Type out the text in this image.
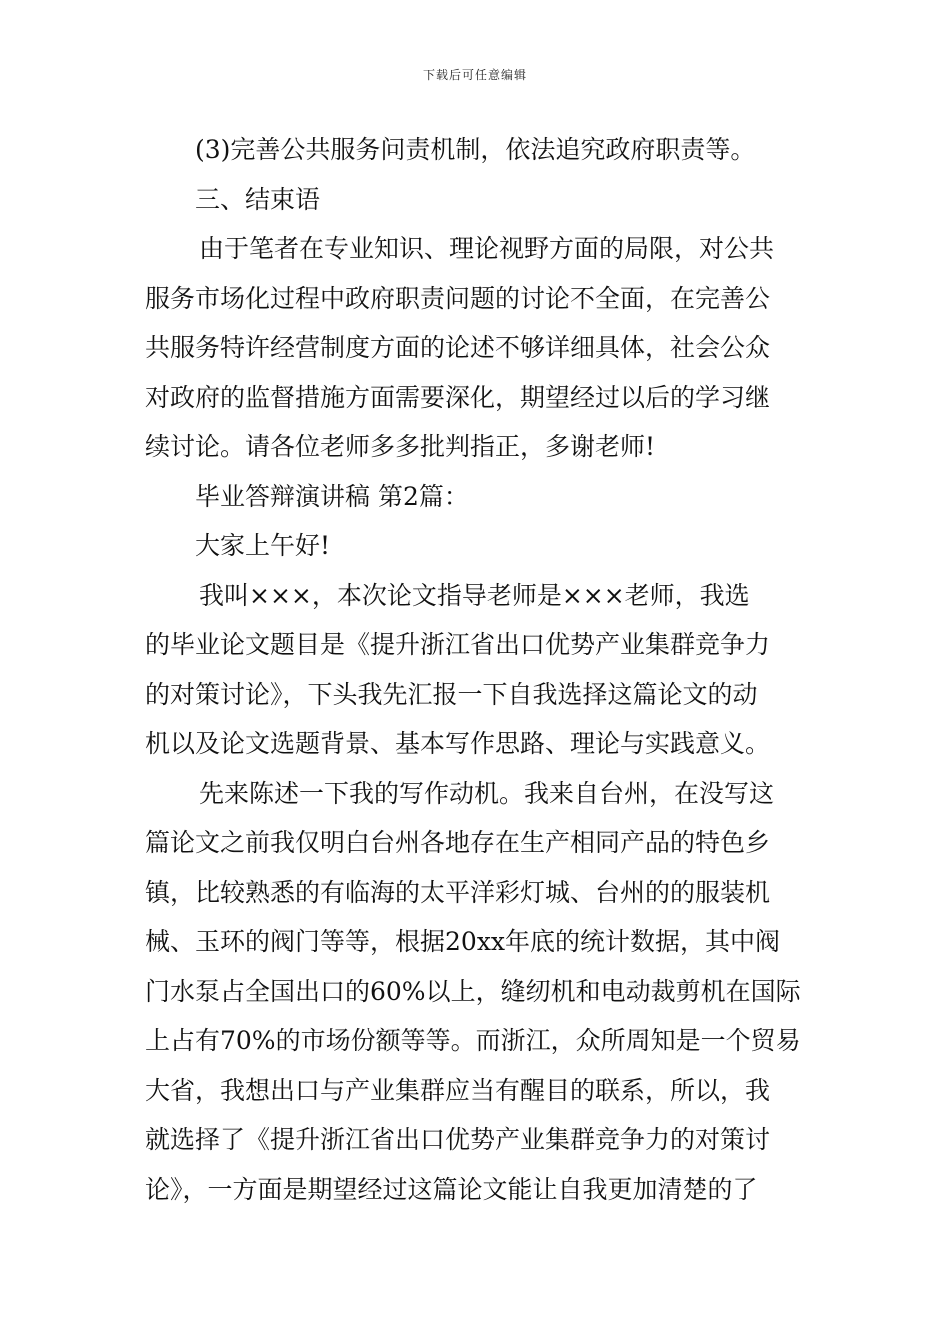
下载后可任意编辑

(3)完善公共服务问责机制，依法追究政府职责等。

三、结束语

由于笔者在专业知识、理论视野方面的局限，对公共

服务市场化过程中政府职责问题的讨论不全面，在完善公

共服务特许经营制度方面的论述不够详细具体，社会公众

对政府的监督措施方面需要深化，期望经过以后的学习继

续讨论。请各位老师多多批判指正，多谢老师!

毕业答辩演讲稿 第2篇：

大家上午好!

我叫×××，本次论文指导老师是×××老师，我选

的毕业论文题目是《提升浙江省出口优势产业集群竞争力

的对策讨论》，下头我先汇报一下自我选择这篇论文的动

机以及论文选题背景、基本写作思路、理论与实践意义。

先来陈述一下我的写作动机。我来自台州，在没写这

篇论文之前我仅明白台州各地存在生产相同产品的特色乡

镇，比较熟悉的有临海的太平洋彩灯城、台州的的服装机

械、玉环的阀门等等，根据20xx年底的统计数据，其中阀

门水泵占全国出口的60%以上，缝纫机和电动裁剪机在国际

上占有70%的市场份额等等。而浙江，众所周知是一个贸易

大省，我想出口与产业集群应当有醒目的联系，所以，我

就选择了《提升浙江省出口优势产业集群竞争力的对策讨

论》，一方面是期望经过这篇论文能让自我更加清楚的了
